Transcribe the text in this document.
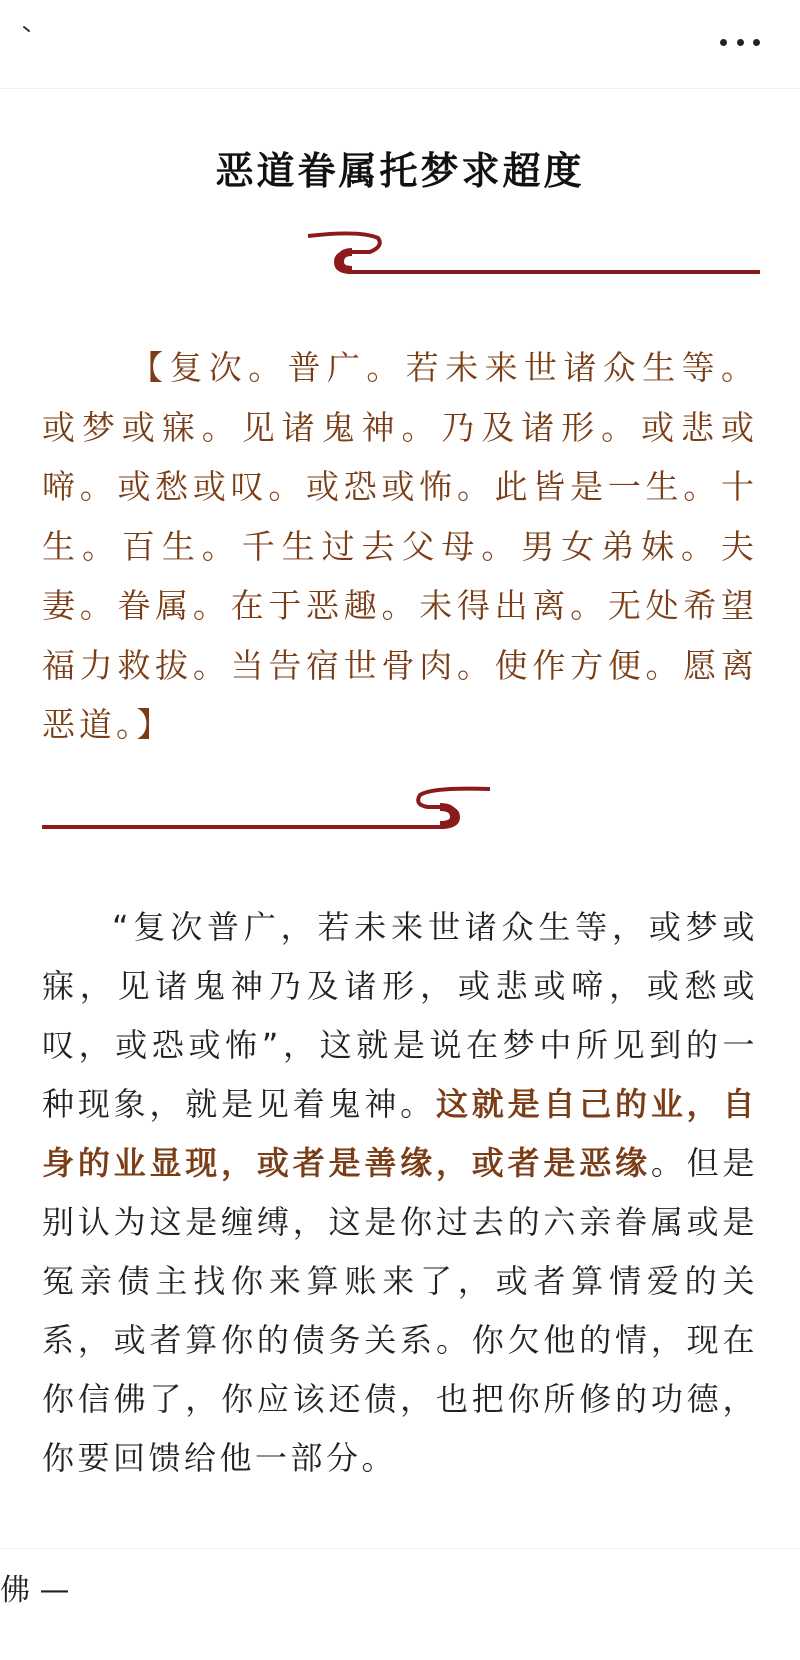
恶道眷属托梦求超度

【复次。普广。若未来世诸众生等。或梦或寐。见诸鬼神。乃及诸形。或悲或啼。或愁或叹。或恐或怖。此皆是一生。十生。百生。千生过去父母。男女弟妹。夫妻。眷属。在于恶趣。未得出离。无处希望福力救拔。当告宿世骨肉。使作方便。愿离恶道。】

“复次普广，若未来世诸众生等，或梦或寐，见诸鬼神乃及诸形，或悲或啼，或愁或叹，或恐或怖”，这就是说在梦中所见到的一种现象，就是见着鬼神。这就是自己的业，自身的业显现，或者是善缘，或者是恶缘。但是别认为这是缠缚，这是你过去的六亲眷属或是冤亲债主找你来算账来了，或者算情爱的关系，或者算你的债务关系。你欠他的情，现在你信佛了，你应该还债，也把你所修的功德，你要回馈给他一部分。

佛 —
